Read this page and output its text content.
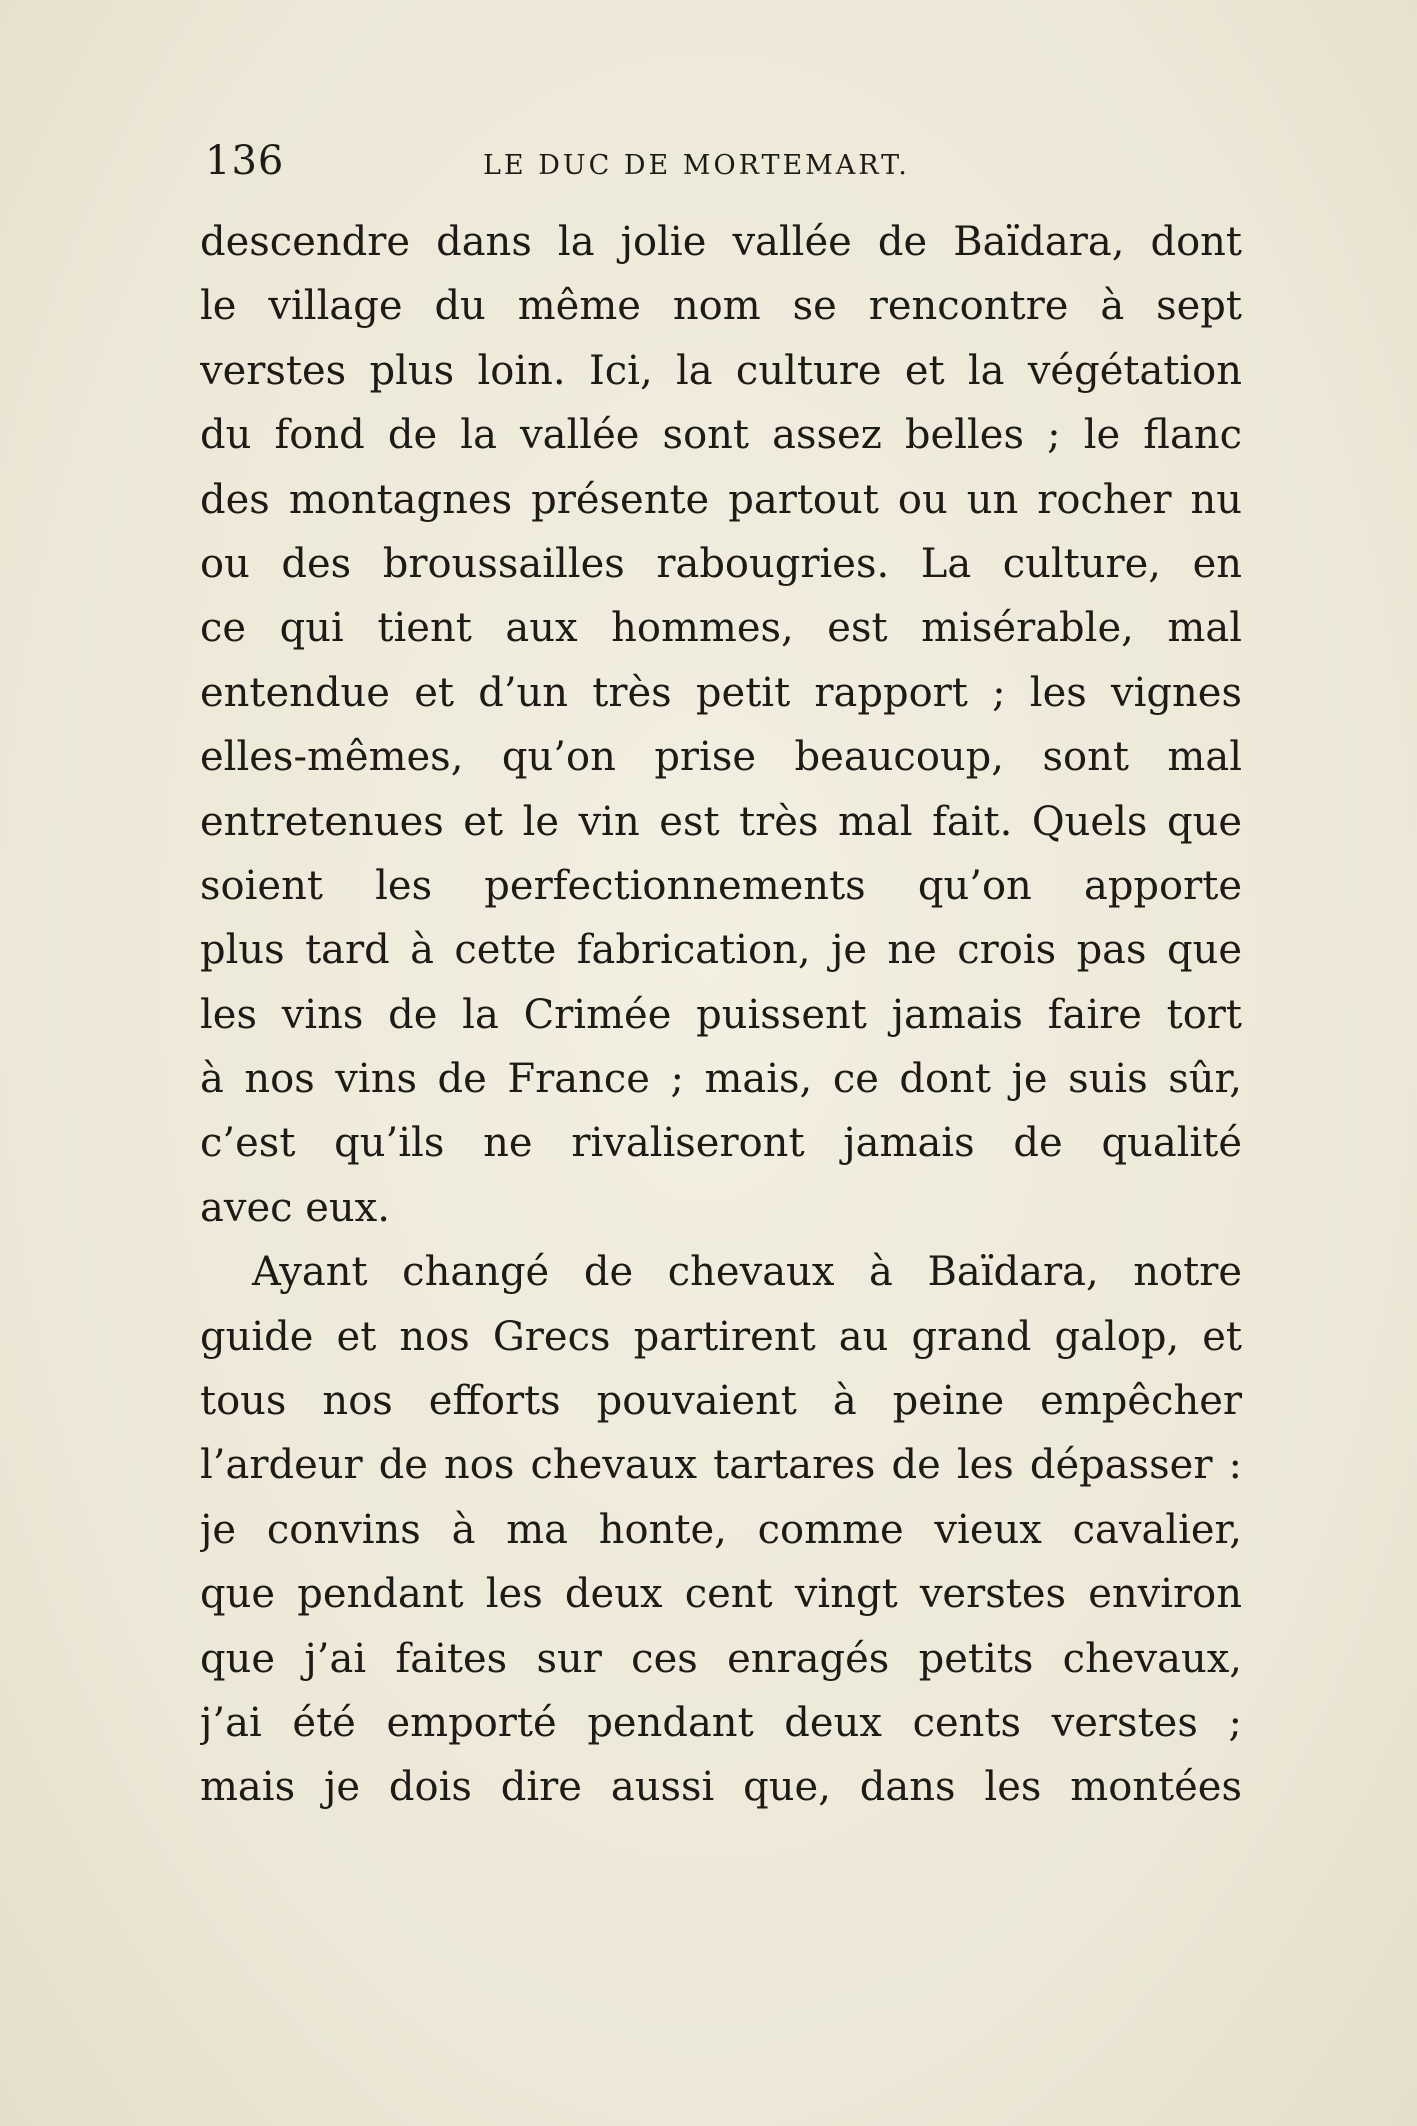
136	LE DUC DE MORTEMART.
descendre dans la jolie vallée de Baïdara, dont
le village du même nom se rencontre à sept
verstes plus loin. Ici, la culture et la végétation
du fond de la vallée sont assez belles ; le flanc
des montagnes présente partout ou un rocher nu
ou des broussailles rabougries. La culture, en
ce qui tient aux hommes, est misérable, mal
entendue et d’un très petit rapport ; les vignes
elles-mêmes, qu’on prise beaucoup, sont mal
entretenues et le vin est très mal fait. Quels que
soient les perfectionnements qu’on apporte
plus tard à cette fabrication, je ne crois pas que
les vins de la Crimée puissent jamais faire tort
à nos vins de France ; mais, ce dont je suis sûr,
c’est qu’ils ne rivaliseront jamais de qualité
avec eux.
Ayant changé de chevaux à Baïdara, notre
guide et nos Grecs partirent au grand galop, et
tous nos efforts pouvaient à peine empêcher
l’ardeur de nos chevaux tartares de les dépasser :
je convins à ma honte, comme vieux cavalier,
que pendant les deux cent vingt verstes environ
que j’ai faites sur ces enragés petits chevaux,
j’ai été emporté pendant deux cents verstes ;
mais je dois dire aussi que, dans les montées
